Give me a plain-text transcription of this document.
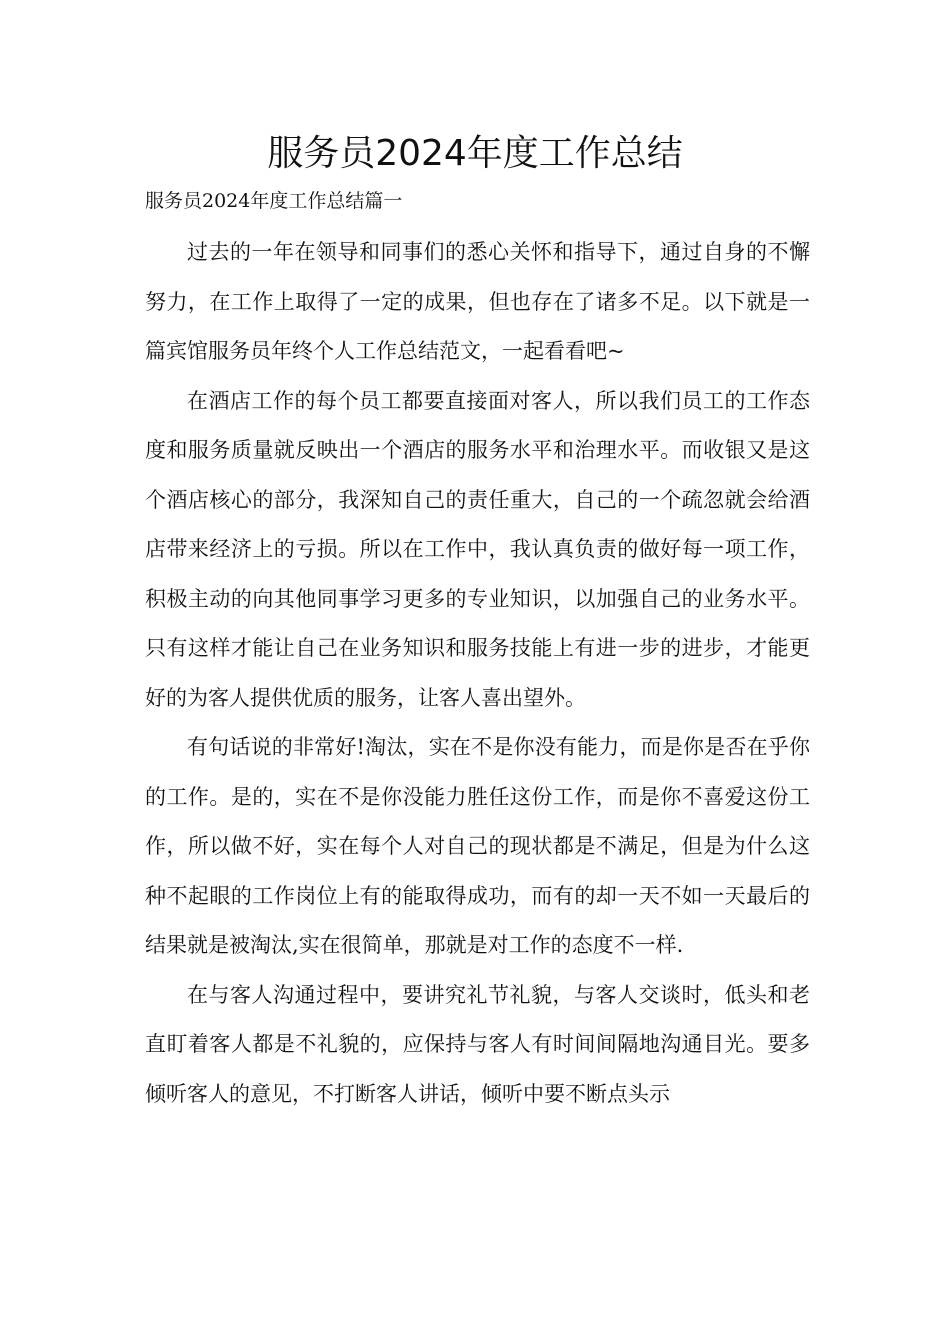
服务员2024年度工作总结
服务员2024年度工作总结篇一

过去的一年在领导和同事们的悉心关怀和指导下，通过自身的不懈努力，在工作上取得了一定的成果，但也存在了诸多不足。以下就是一篇宾馆服务员年终个人工作总结范文，一起看看吧~

在酒店工作的每个员工都要直接面对客人，所以我们员工的工作态度和服务质量就反映出一个酒店的服务水平和治理水平。而收银又是这个酒店核心的部分，我深知自己的责任重大，自己的一个疏忽就会给酒店带来经济上的亏损。所以在工作中，我认真负责的做好每一项工作，积极主动的向其他同事学习更多的专业知识，以加强自己的业务水平。只有这样才能让自己在业务知识和服务技能上有进一步的进步，才能更好的为客人提供优质的服务，让客人喜出望外。

有句话说的非常好!淘汰，实在不是你没有能力，而是你是否在乎你的工作。是的，实在不是你没能力胜任这份工作，而是你不喜爱这份工作，所以做不好，实在每个人对自己的现状都是不满足，但是为什么这种不起眼的工作岗位上有的能取得成功，而有的却一天不如一天最后的结果就是被淘汰,实在很简单，那就是对工作的态度不一样.

在与客人沟通过程中，要讲究礼节礼貌，与客人交谈时，低头和老直盯着客人都是不礼貌的，应保持与客人有时间间隔地沟通目光。要多倾听客人的意见，不打断客人讲话，倾听中要不断点头示
